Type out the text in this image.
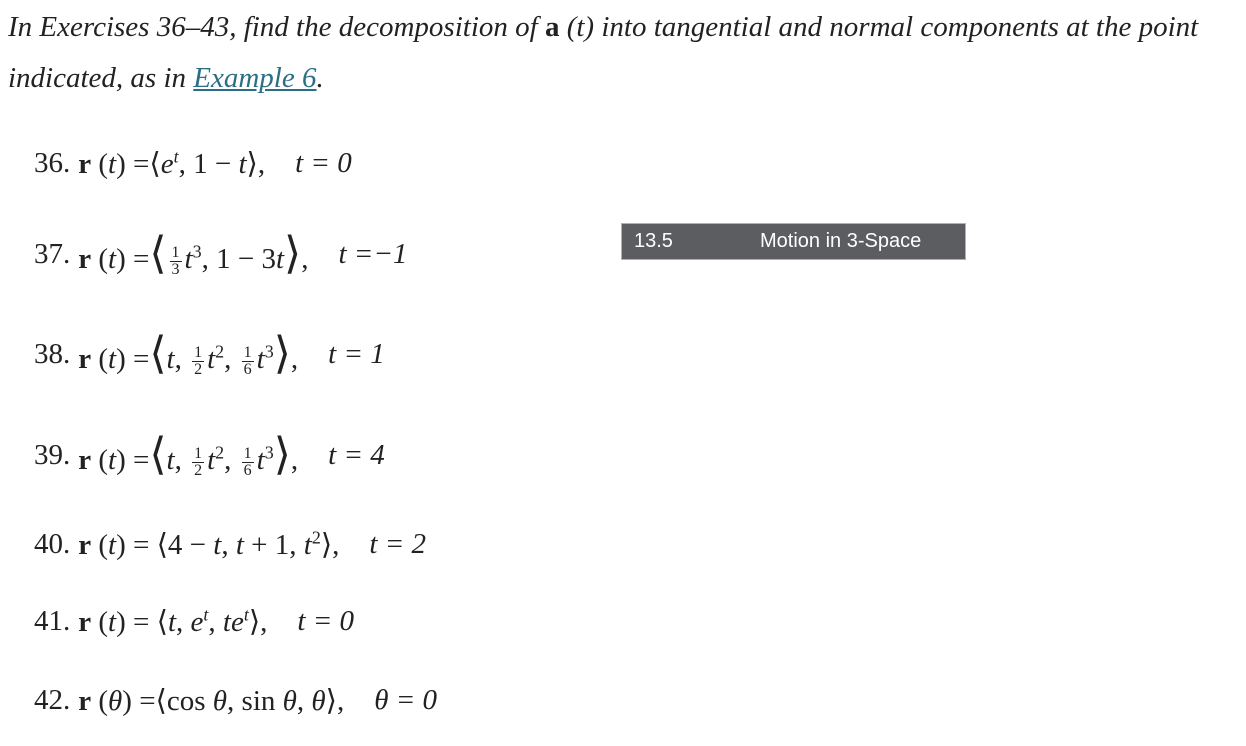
In Exercises 36–43, find the decomposition of a (t) into tangential and normal components at the point indicated, as in Example 6.
13.5	Motion in 3-Space
36. r $(t) =⟨e^t$, 1 − t⟩, t = 0
37. r (t) =⟨ $\frac{1}{3} t^3$, 1 − 3t⟩, t =−1
38. r (t) =⟨t, $\frac{1}{2} t^2$, $\frac{1}{6}$ $t^3⟩$, t = 1
39. r (t) =⟨t, $\frac{1}{2} t^2$, $\frac{1}{6}$ $t^3⟩$, t = 4
40. r (t) = ⟨4 − t, t + 1, $t^2⟩$, t = 2
41. r (t) = ⟨t, $e^t$, $te^t⟩$, t = 0
42. r (θ) =⟨cos θ, sin θ, θ⟩, θ = 0
